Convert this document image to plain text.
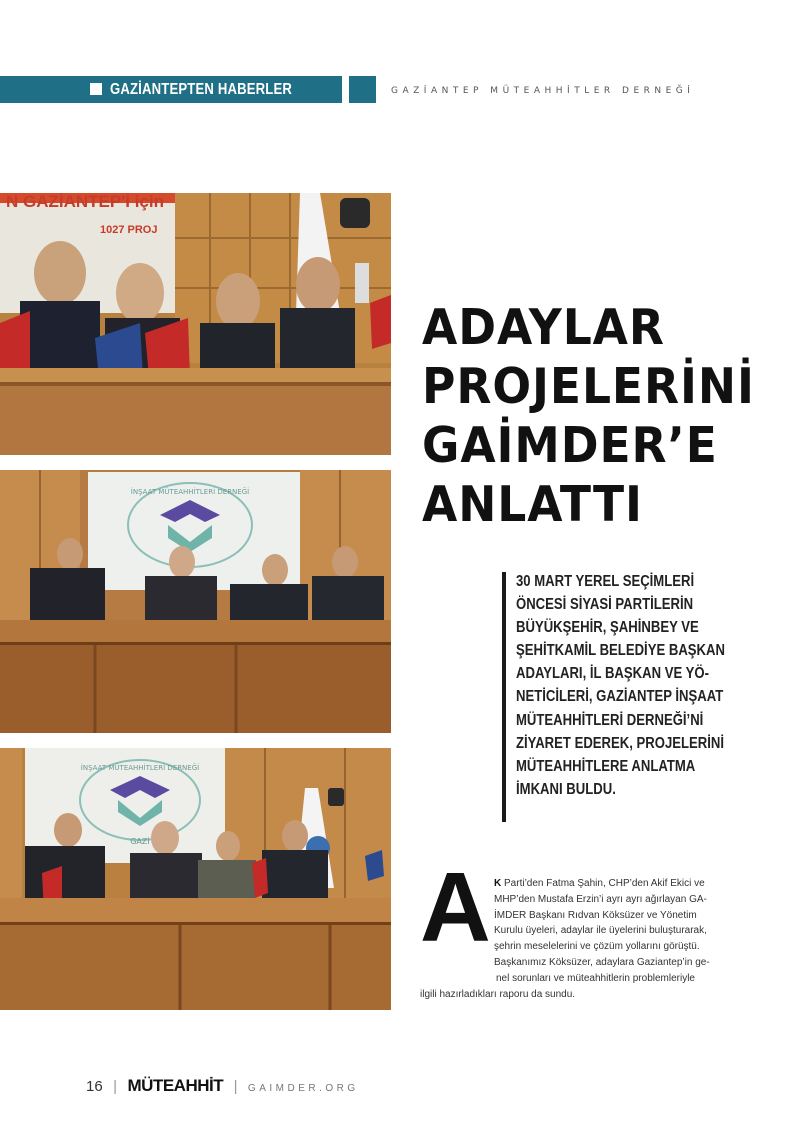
GAZİANTEPTEN HABERLER	GAZİANTEP MÜTEAHHİTLER DERNEĞİ
N GAZİANTEP'İ için
1027 PROJ
İNŞAAT MÜTEAHHİTLERİ DERNEĞİ
İNŞAAT MÜTEAHHİTLERİ DERNEĞİ
GAZİ
ADAYLAR
PROJELERİNİ
GAİMDER’E
ANLATTI
30 MART YEREL SEÇİMLERİ
ÖNCESİ SİYASİ PARTİLERİN
BÜYÜKŞEHİR, ŞAHİNBEY VE
ŞEHİTKAMİL BELEDİYE BAŞKAN
ADAYLARI, İL BAŞKAN VE YÖ-
NETİCİLERİ, GAZİANTEP İNŞAAT
MÜTEAHHİTLERİ DERNEĞİ’Nİ
ZİYARET EDEREK, PROJELERİNİ
MÜTEAHHİTLERE ANLATMA
İMKANI BULDU.
A K Parti’den Fatma Şahin, CHP’den Akif Ekici ve
MHP’den Mustafa Erzin’i ayrı ayrı ağırlayan GA-
İMDER Başkanı Rıdvan Köksüzer ve Yönetim
Kurulu üyeleri, adaylar ile üyelerini buluşturarak,
şehrin meselelerini ve çözüm yollarını görüştü.
Başkanımız Köksüzer, adaylara Gaziantep’in ge-
nel sorunları ve müteahhitlerin problemleriyle
ilgili hazırladıkları raporu da sundu.
16 | MÜTEAHHİT | GAIMDER.ORG
